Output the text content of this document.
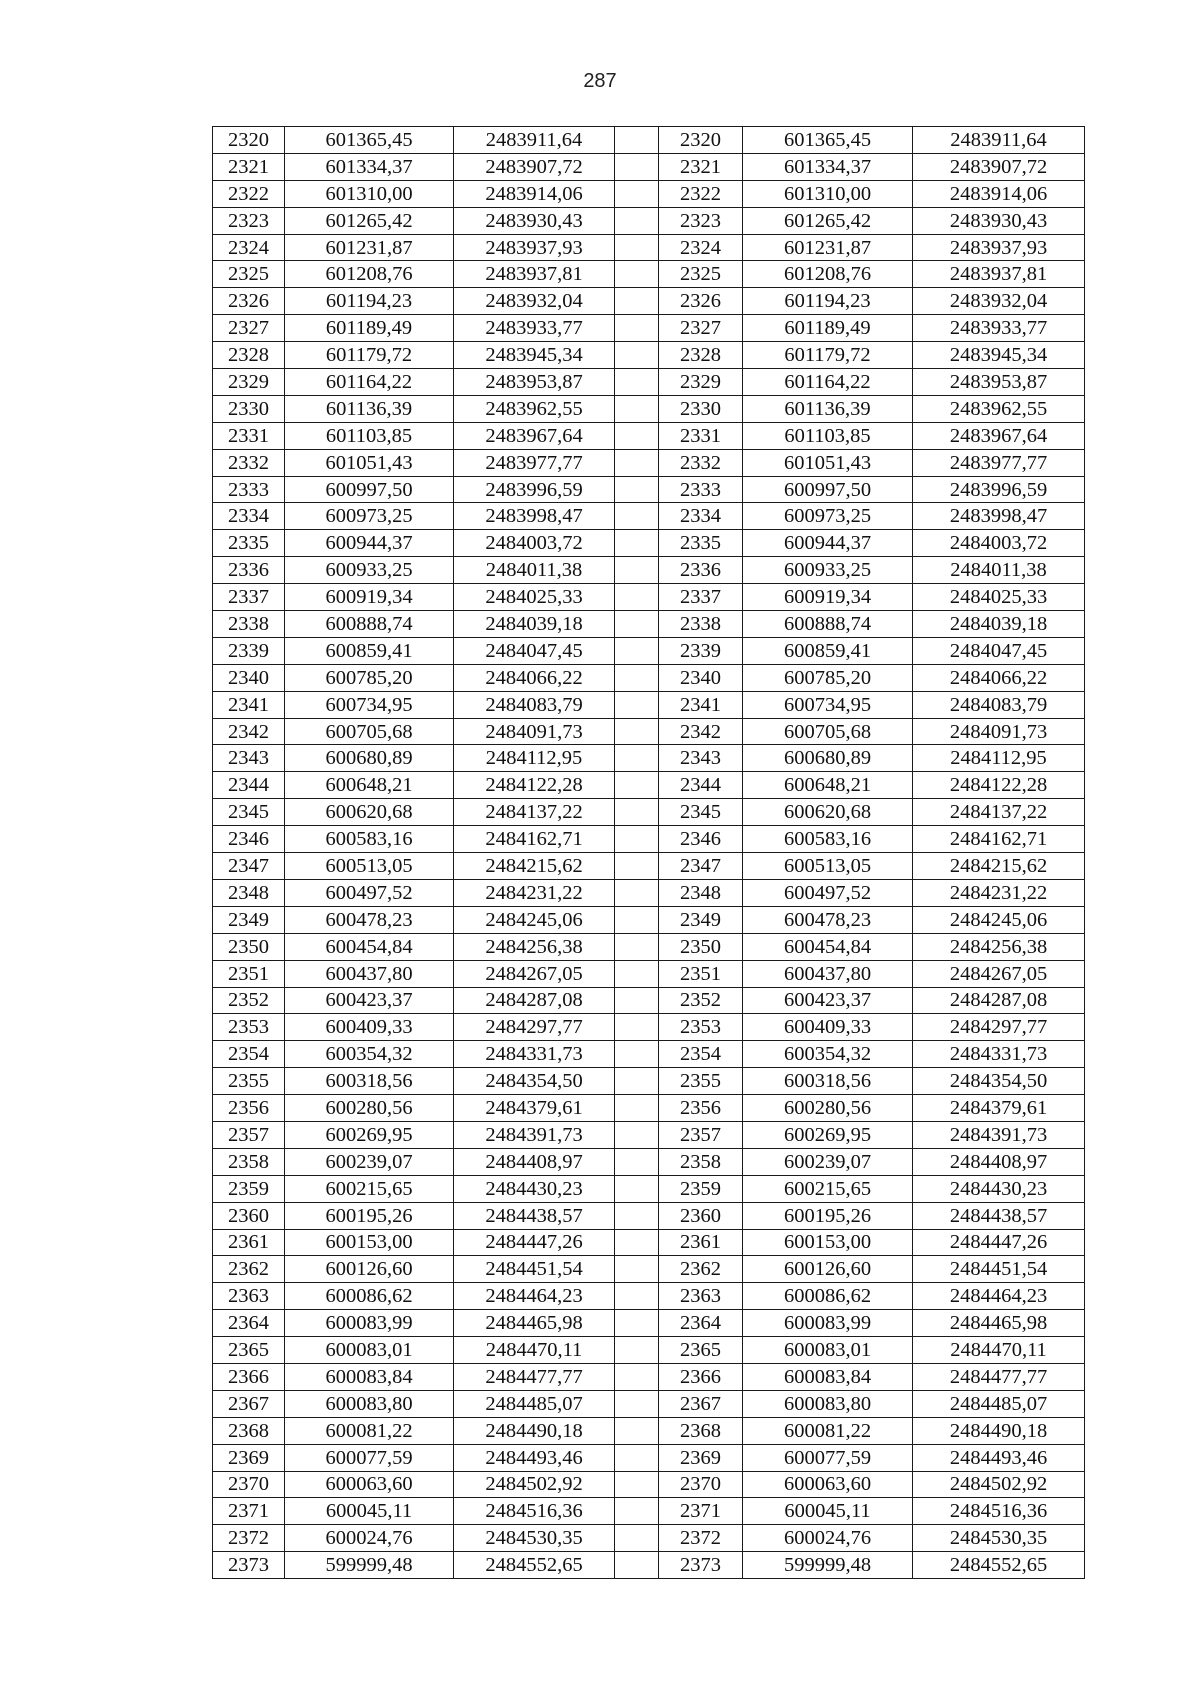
287
2320	601365,45	2483911,64		2320	601365,45	2483911,64
2321	601334,37	2483907,72		2321	601334,37	2483907,72
2322	601310,00	2483914,06		2322	601310,00	2483914,06
2323	601265,42	2483930,43		2323	601265,42	2483930,43
2324	601231,87	2483937,93		2324	601231,87	2483937,93
2325	601208,76	2483937,81		2325	601208,76	2483937,81
2326	601194,23	2483932,04		2326	601194,23	2483932,04
2327	601189,49	2483933,77		2327	601189,49	2483933,77
2328	601179,72	2483945,34		2328	601179,72	2483945,34
2329	601164,22	2483953,87		2329	601164,22	2483953,87
2330	601136,39	2483962,55		2330	601136,39	2483962,55
2331	601103,85	2483967,64		2331	601103,85	2483967,64
2332	601051,43	2483977,77		2332	601051,43	2483977,77
2333	600997,50	2483996,59		2333	600997,50	2483996,59
2334	600973,25	2483998,47		2334	600973,25	2483998,47
2335	600944,37	2484003,72		2335	600944,37	2484003,72
2336	600933,25	2484011,38		2336	600933,25	2484011,38
2337	600919,34	2484025,33		2337	600919,34	2484025,33
2338	600888,74	2484039,18		2338	600888,74	2484039,18
2339	600859,41	2484047,45		2339	600859,41	2484047,45
2340	600785,20	2484066,22		2340	600785,20	2484066,22
2341	600734,95	2484083,79		2341	600734,95	2484083,79
2342	600705,68	2484091,73		2342	600705,68	2484091,73
2343	600680,89	2484112,95		2343	600680,89	2484112,95
2344	600648,21	2484122,28		2344	600648,21	2484122,28
2345	600620,68	2484137,22		2345	600620,68	2484137,22
2346	600583,16	2484162,71		2346	600583,16	2484162,71
2347	600513,05	2484215,62		2347	600513,05	2484215,62
2348	600497,52	2484231,22		2348	600497,52	2484231,22
2349	600478,23	2484245,06		2349	600478,23	2484245,06
2350	600454,84	2484256,38		2350	600454,84	2484256,38
2351	600437,80	2484267,05		2351	600437,80	2484267,05
2352	600423,37	2484287,08		2352	600423,37	2484287,08
2353	600409,33	2484297,77		2353	600409,33	2484297,77
2354	600354,32	2484331,73		2354	600354,32	2484331,73
2355	600318,56	2484354,50		2355	600318,56	2484354,50
2356	600280,56	2484379,61		2356	600280,56	2484379,61
2357	600269,95	2484391,73		2357	600269,95	2484391,73
2358	600239,07	2484408,97		2358	600239,07	2484408,97
2359	600215,65	2484430,23		2359	600215,65	2484430,23
2360	600195,26	2484438,57		2360	600195,26	2484438,57
2361	600153,00	2484447,26		2361	600153,00	2484447,26
2362	600126,60	2484451,54		2362	600126,60	2484451,54
2363	600086,62	2484464,23		2363	600086,62	2484464,23
2364	600083,99	2484465,98		2364	600083,99	2484465,98
2365	600083,01	2484470,11		2365	600083,01	2484470,11
2366	600083,84	2484477,77		2366	600083,84	2484477,77
2367	600083,80	2484485,07		2367	600083,80	2484485,07
2368	600081,22	2484490,18		2368	600081,22	2484490,18
2369	600077,59	2484493,46		2369	600077,59	2484493,46
2370	600063,60	2484502,92		2370	600063,60	2484502,92
2371	600045,11	2484516,36		2371	600045,11	2484516,36
2372	600024,76	2484530,35		2372	600024,76	2484530,35
2373	599999,48	2484552,65		2373	599999,48	2484552,65
